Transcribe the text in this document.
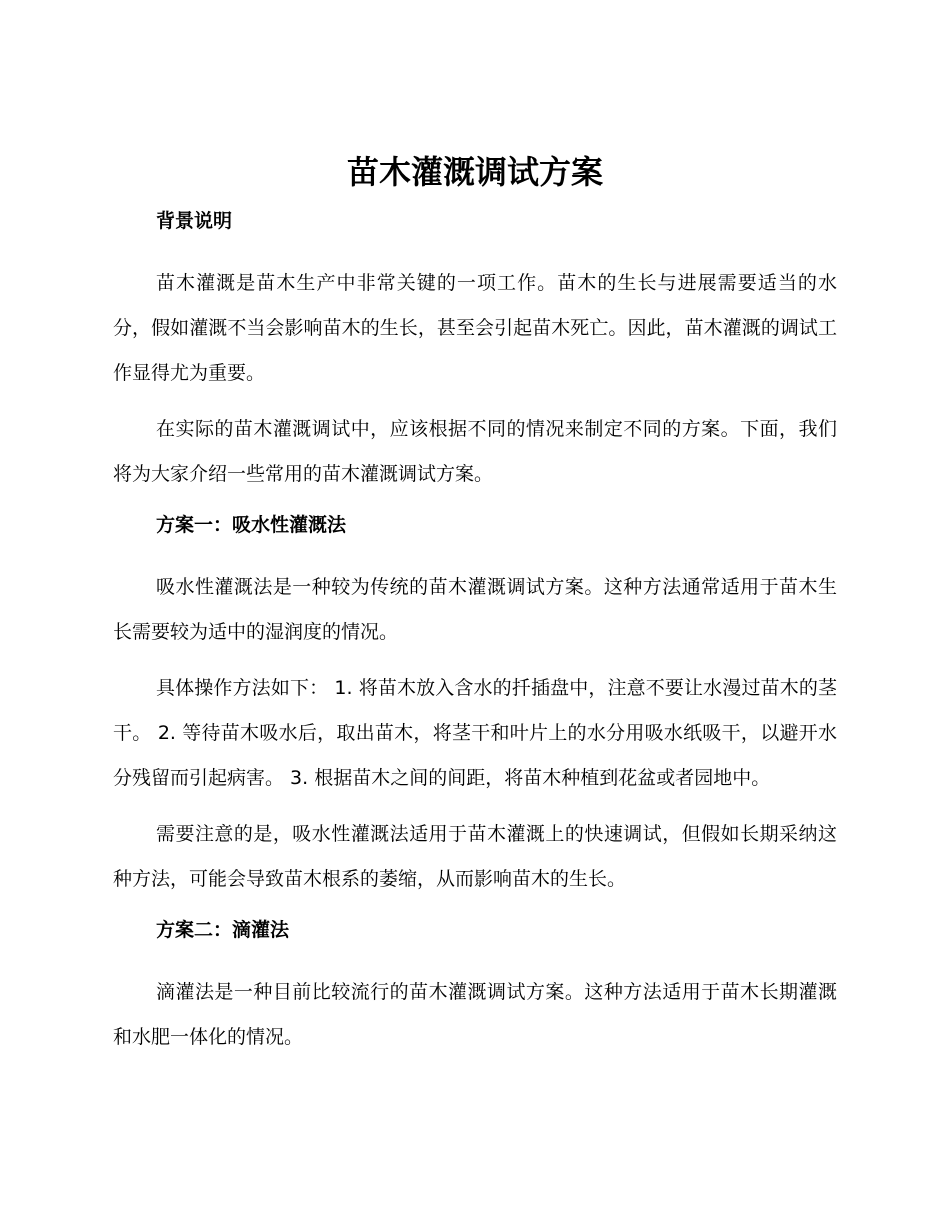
苗木灌溉调试方案
背景说明

苗木灌溉是苗木生产中非常关键的一项工作。苗木的生长与进展需要适当的水分，假如灌溉不当会影响苗木的生长，甚至会引起苗木死亡。因此，苗木灌溉的调试工作显得尤为重要。

在实际的苗木灌溉调试中，应该根据不同的情况来制定不同的方案。下面，我们将为大家介绍一些常用的苗木灌溉调试方案。

方案一：吸水性灌溉法

吸水性灌溉法是一种较为传统的苗木灌溉调试方案。这种方法通常适用于苗木生长需要较为适中的湿润度的情况。

具体操作方法如下： 1. 将苗木放入含水的扦插盘中，注意不要让水漫过苗木的茎干。 2. 等待苗木吸水后，取出苗木，将茎干和叶片上的水分用吸水纸吸干，以避开水分残留而引起病害。 3. 根据苗木之间的间距，将苗木种植到花盆或者园地中。

需要注意的是，吸水性灌溉法适用于苗木灌溉上的快速调试，但假如长期采纳这种方法，可能会导致苗木根系的萎缩，从而影响苗木的生长。

方案二：滴灌法

滴灌法是一种目前比较流行的苗木灌溉调试方案。这种方法适用于苗木长期灌溉和水肥一体化的情况。
